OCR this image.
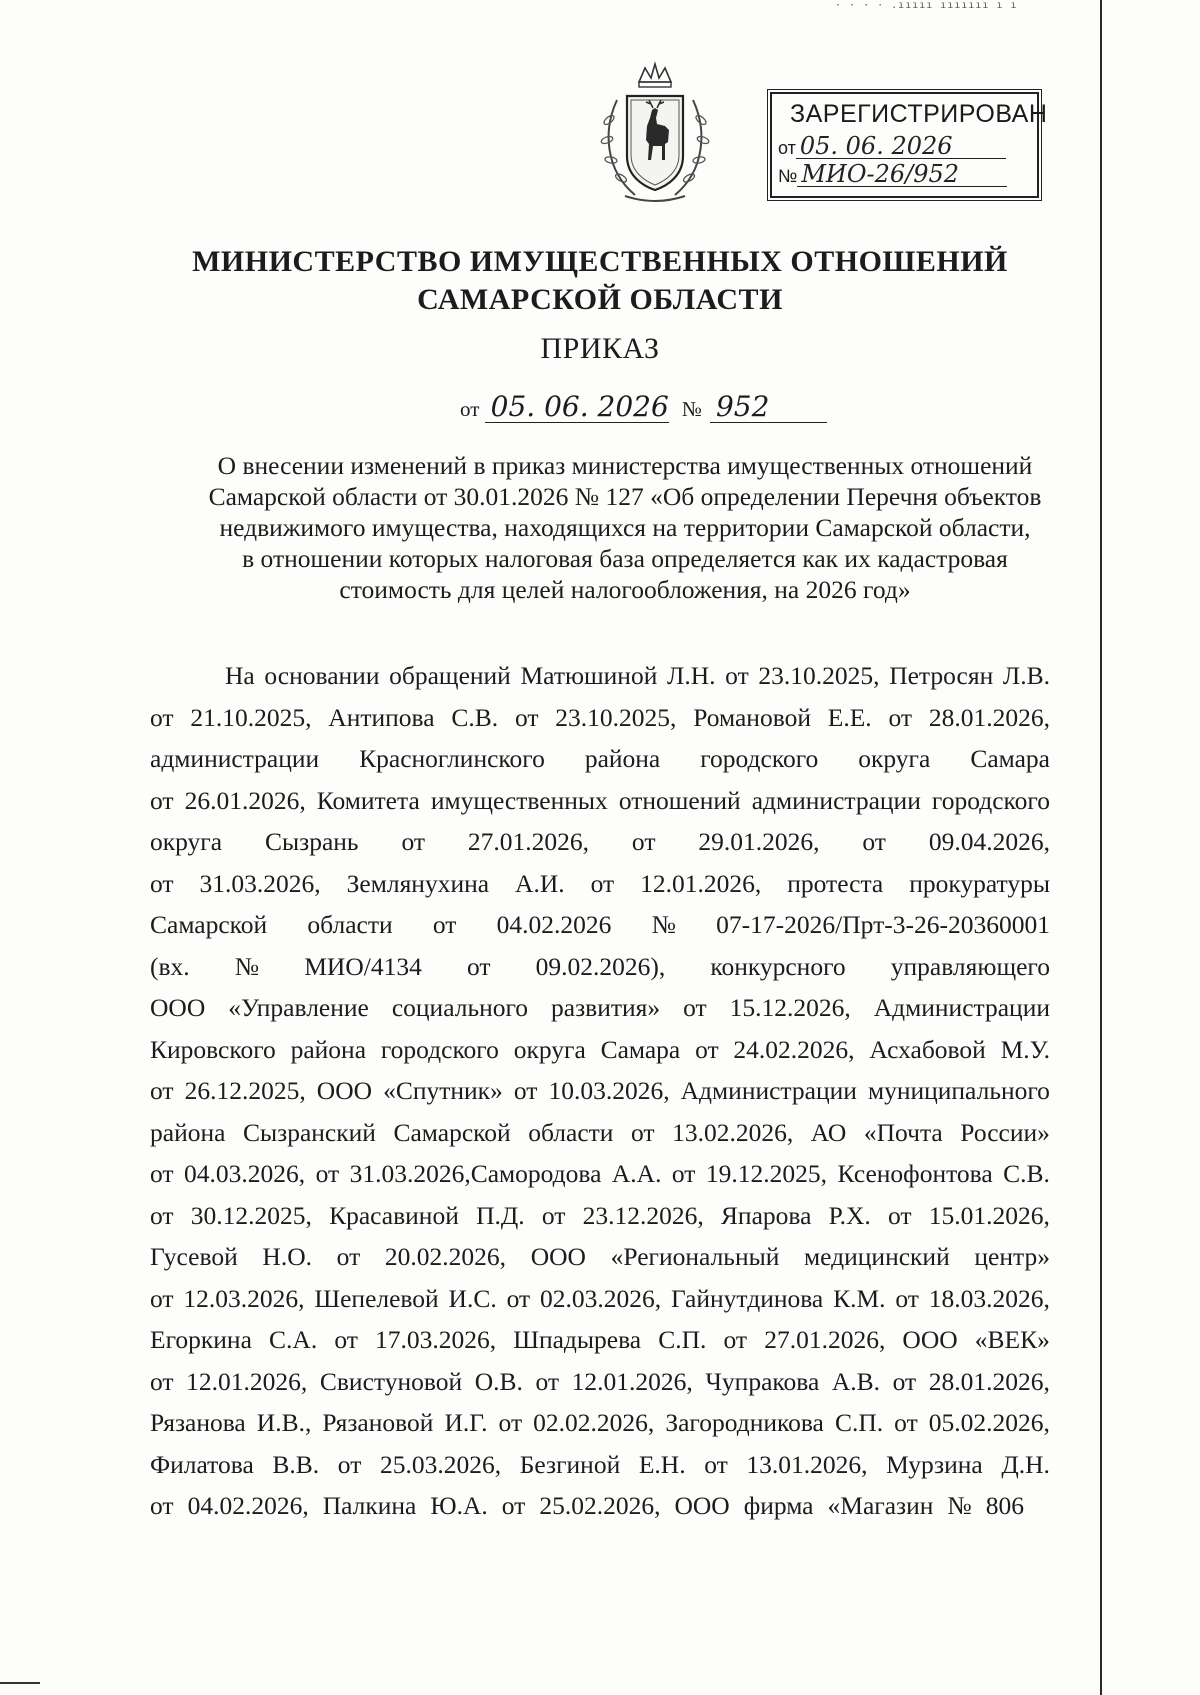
· · · · .ııııı ııııııı ı ı
ЗАРЕГИСТРИРОВАН
от 05. 06. 2026
№ МИО-26/952
МИНИСТЕРСТВО ИМУЩЕСТВЕННЫХ ОТНОШЕНИЙ
САМАРСКОЙ ОБЛАСТИ
ПРИКАЗ
от 05. 06. 2026 № 952
О внесении изменений в приказ министерства имущественных отношений
Самарской области от 30.01.2026 № 127 «Об определении Перечня объектов
недвижимого имущества, находящихся на территории Самарской области,
в отношении которых налоговая база определяется как их кадастровая
стоимость для целей налогообложения, на 2026 год»
На основании обращений Матюшиной Л.Н. от 23.10.2025, Петросян Л.В.
от 21.10.2025, Антипова С.В. от 23.10.2025, Романовой Е.Е. от 28.01.2026,
администрации Красноглинского района городского округа Самара
от 26.01.2026, Комитета имущественных отношений администрации городского
округа Сызрань от 27.01.2026, от 29.01.2026, от 09.04.2026,
от 31.03.2026, Землянухина А.И. от 12.01.2026, протеста прокуратуры
Самарской области от 04.02.2026 № 07-17-2026/Прт-3-26-20360001
(вх. № МИО/4134 от 09.02.2026), конкурсного управляющего
ООО «Управление социального развития» от 15.12.2026, Администрации
Кировского района городского округа Самара от 24.02.2026, Асхабовой М.У.
от 26.12.2025, ООО «Спутник» от 10.03.2026, Администрации муниципального
района Сызранский Самарской области от 13.02.2026, АО «Почта России»
от 04.03.2026, от 31.03.2026,Самородова А.А. от 19.12.2025, Ксенофонтова С.В.
от 30.12.2025, Красавиной П.Д. от 23.12.2026, Япарова Р.Х. от 15.01.2026,
Гусевой Н.О. от 20.02.2026, ООО «Региональный медицинский центр»
от 12.03.2026, Шепелевой И.С. от 02.03.2026, Гайнутдинова К.М. от 18.03.2026,
Егоркина С.А. от 17.03.2026, Шпадырева С.П. от 27.01.2026, ООО «ВЕК»
от 12.01.2026, Свистуновой О.В. от 12.01.2026, Чупракова А.В. от 28.01.2026,
Рязанова И.В., Рязановой И.Г. от 02.02.2026, Загородникова С.П. от 05.02.2026,
Филатова В.В. от 25.03.2026, Безгиной Е.Н. от 13.01.2026, Мурзина Д.Н.
от 04.02.2026, Палкина Ю.А. от 25.02.2026, ООО фирма «Магазин № 806
